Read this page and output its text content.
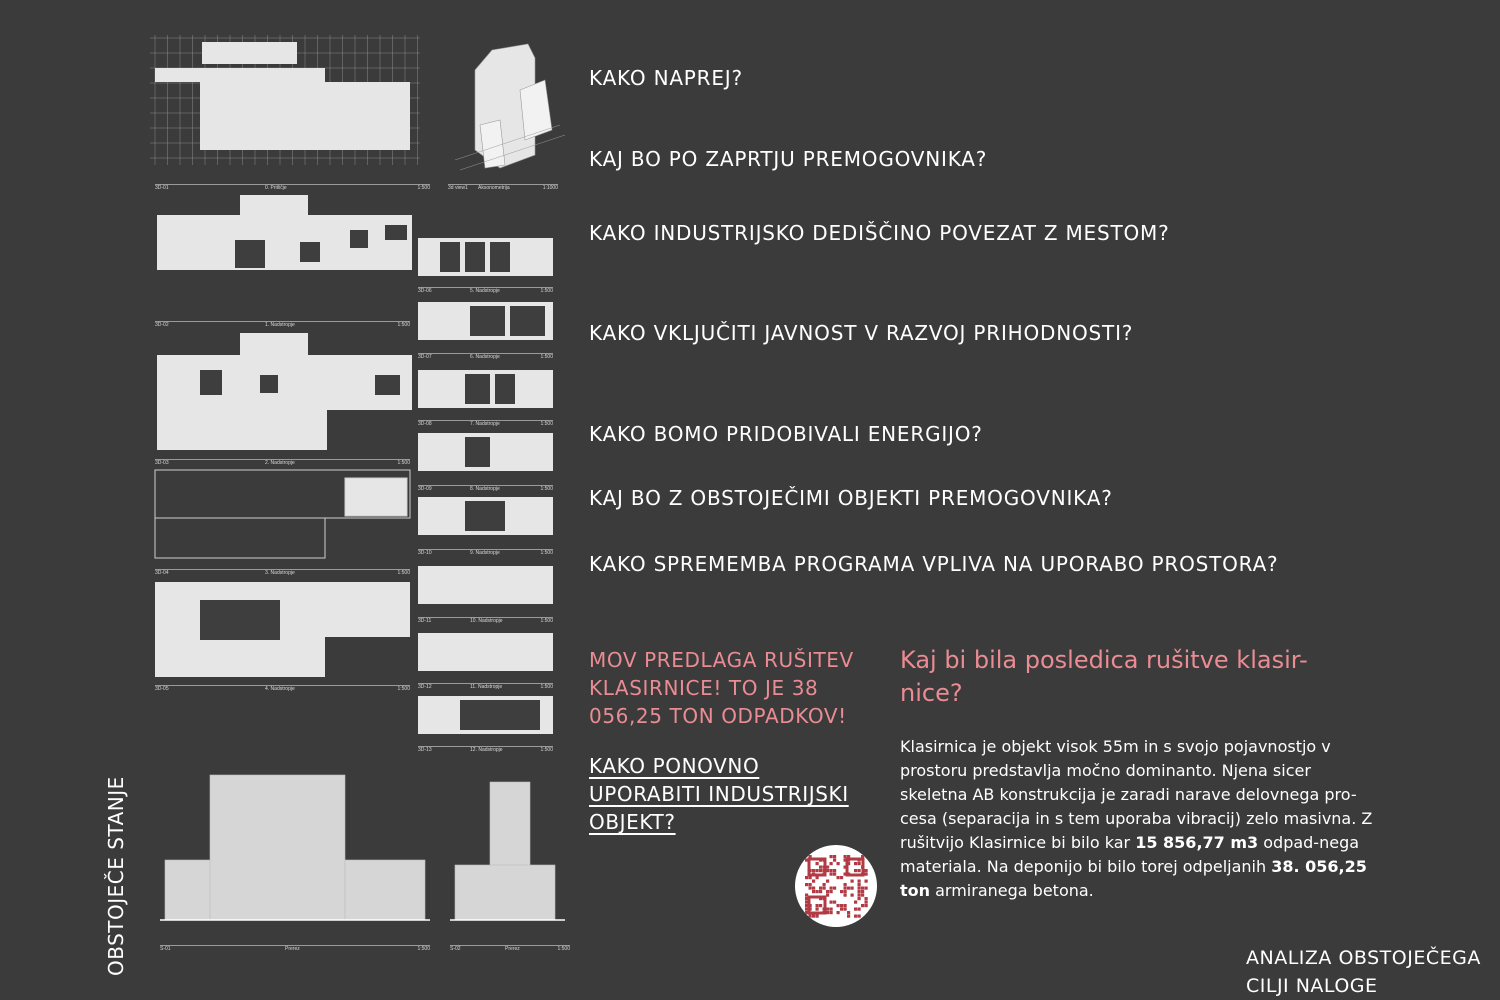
3D-01	0. Pritličje	1:500	3d view1 Aksonometrija	1:1000
3D-02	1. Nadstropje	1:500
3D-03	2. Nadstropje	1:500
3D-04	3. Nadstropje	1:500
3D-05	4. Nadstropje	1:500
3D-06	5. Nadstropje	1:500
3D-07	6. Nadstropje	1:500
3D-08	7. Nadstropje	1:500
3D-09	8. Nadstropje	1:500
3D-10	9. Nadstropje	1:500
3D-11	10. Nadstropje	1:500
3D-12	11. Nadstropje	1:500
3D-13	12. Nadstropje	1:500
S-01	Prerez	1:500	S-02	Prerez	1:500
OBSTOJEČE STANJE
KAKO NAPREJ?
KAJ BO PO ZAPRTJU PREMOGOVNIKA?
KAKO INDUSTRIJSKO DEDIŠČINO POVEZAT Z MESTOM?
KAKO VKLJUČITI JAVNOST V RAZVOJ PRIHODNOSTI?
KAKO BOMO PRIDOBIVALI ENERGIJO?
KAJ BO Z OBSTOJEČIMI OBJEKTI PREMOGOVNIKA?
KAKO SPREMEMBA PROGRAMA VPLIVA NA UPORABO PROSTORA?
MOV PREDLAGA RUŠITEV KLASIRNICE! TO JE 38 056,25 TON ODPADKOV!
KAKO PONOVNO UPORABITI INDUSTRIJSKI OBJEKT?
Kaj bi bila posledica rušitve klasir-nice?
Klasirnica je objekt visok 55m in s svojo pojavnostjo v prostoru predstavlja močno dominanto. Njena sicer skeletna AB konstrukcija je zaradi narave delovnega pro-cesa (separacija in s tem uporaba vibracij) zelo masivna. Z rušitvijo Klasirnice bi bilo kar 15 856,77 m3 odpad-nega materiala. Na deponijo bi bilo torej odpeljanih 38. 056,25 ton armiranega betona.
ANALIZA OBSTOJEČEGA
CILJI NALOGE
